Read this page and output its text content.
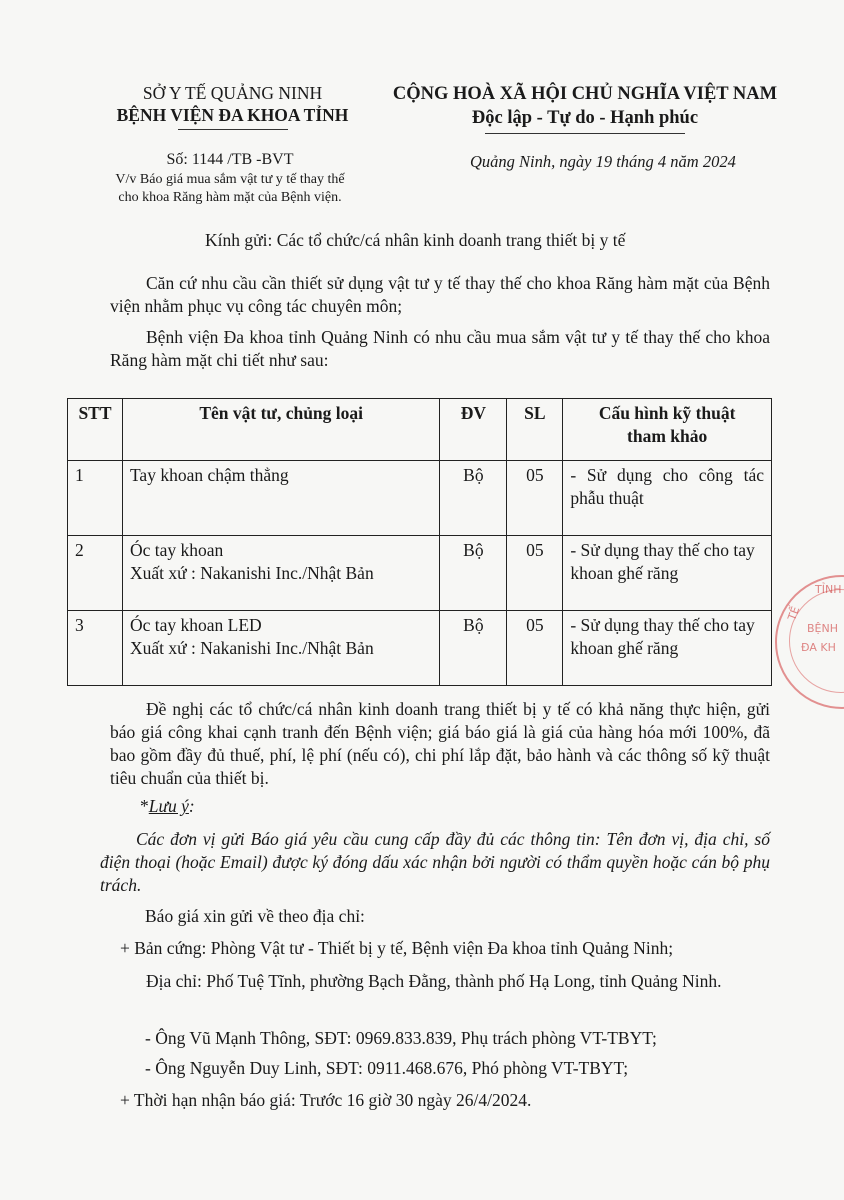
SỞ Y TẾ QUẢNG NINH
BỆNH VIỆN ĐA KHOA TỈNH
CỘNG HOÀ XÃ HỘI CHỦ NGHĨA VIỆT NAM
Độc lập - Tự do - Hạnh phúc
Số: 1144 /TB -BVT
V/v Báo giá mua sắm vật tư y tế thay thế
cho khoa Răng hàm mặt của Bệnh viện.
Quảng Ninh, ngày 19 tháng 4 năm 2024
Kính gửi: Các tổ chức/cá nhân kinh doanh trang thiết bị y tế
Căn cứ nhu cầu cần thiết sử dụng vật tư y tế thay thế cho khoa Răng hàm mặt của Bệnh viện nhằm phục vụ công tác chuyên môn;
Bệnh viện Đa khoa tỉnh Quảng Ninh có nhu cầu mua sắm vật tư y tế thay thế cho khoa Răng hàm mặt chi tiết như sau:
STT	Tên vật tư, chủng loại	ĐV	SL	Cấu hình kỹ thuật
tham khảo

1	Tay khoan chậm thẳng	Bộ	05	- Sử dụng cho công tác phẫu thuật
2	Óc tay khoan
Xuất xứ : Nakanishi Inc./Nhật Bản	Bộ	05	- Sử dụng thay thế cho tay khoan ghế răng
3	Óc tay khoan LED
Xuất xứ : Nakanishi Inc./Nhật Bản	Bộ	05	- Sử dụng thay thế cho tay khoan ghế răng
Đề nghị các tổ chức/cá nhân kinh doanh trang thiết bị y tế có khả năng thực hiện, gửi báo giá công khai cạnh tranh đến Bệnh viện; giá báo giá là giá của hàng hóa mới 100%, đã bao gồm đầy đủ thuế, phí, lệ phí (nếu có), chi phí lắp đặt, bảo hành và các thông số kỹ thuật tiêu chuẩn của thiết bị.
*Lưu ý:
Các đơn vị gửi Báo giá yêu cầu cung cấp đầy đủ các thông tin: Tên đơn vị, địa chỉ, số điện thoại (hoặc Email) được ký đóng dấu xác nhận bởi người có thẩm quyền hoặc cán bộ phụ trách.
Báo giá xin gửi về theo địa chỉ:
+ Bản cứng: Phòng Vật tư - Thiết bị y tế, Bệnh viện Đa khoa tỉnh Quảng Ninh;
Địa chỉ: Phố Tuệ Tĩnh, phường Bạch Đằng, thành phố Hạ Long, tỉnh Quảng Ninh.
- Ông Vũ Mạnh Thông, SĐT: 0969.833.839, Phụ trách phòng VT-TBYT;
- Ông Nguyễn Duy Linh, SĐT: 0911.468.676, Phó phòng VT-TBYT;
+ Thời hạn nhận báo giá: Trước 16 giờ 30 ngày 26/4/2024.
TỈNH
TẾ
BỆNH
ĐA KH
